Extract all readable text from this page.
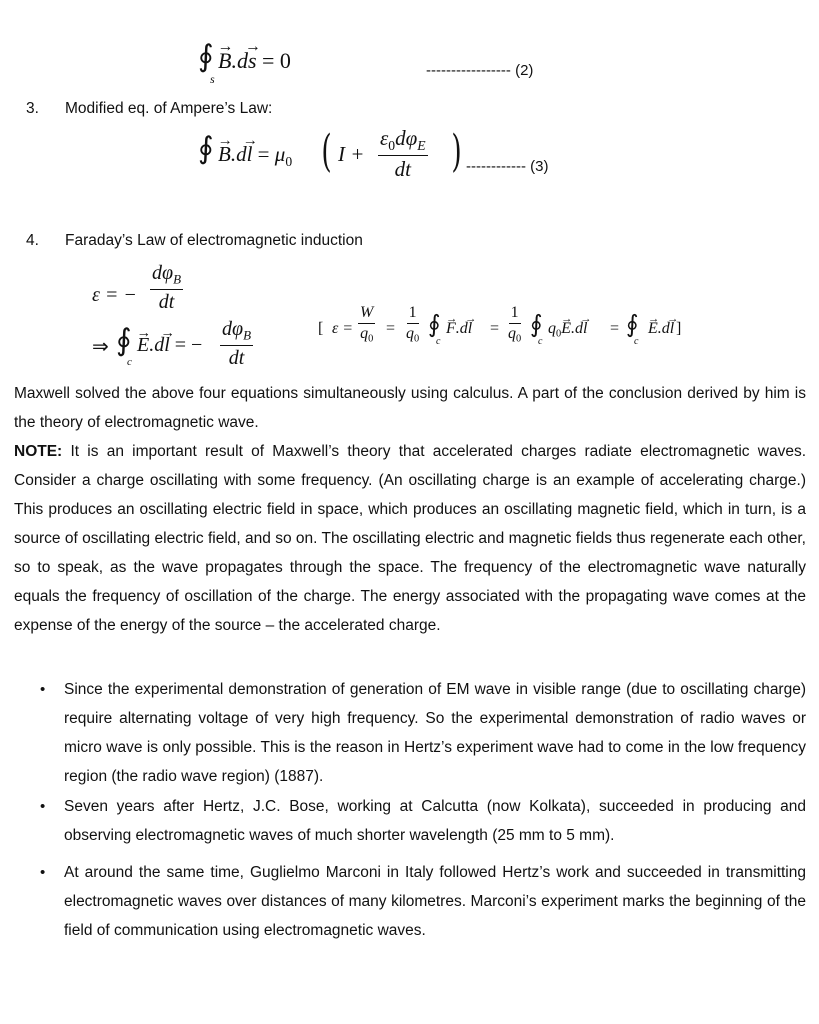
∮
s
→ B.d→ s = 0	----------------- (2)
3. Modified eq. of Ampere’s Law:
∮ → $B.d\to l = \mu_0$ ( I +
$\varepsilon_0d\varphi_E$
dt ) ------------ (3)
4. Faraday’s Law of electromagnetic induction
ε = −
$d\varphi_B$
dt
⇒ ∮
c
→ E.d→ l = −
$d\varphi_B$
dt
[ $\varepsilon = \frac{W}{q_0} = \frac{1}{q_0}$ ∮
c
→ $F.d\to l = \frac{1}{q_0}$ ∮
c
$q_0\to E.d\to l$ = ∮
c
→ E.d→ l ]

Maxwell solved the above four equations simultaneously using calculus. A part of the conclusion derived by him is the theory of electromagnetic wave.

NOTE: It is an important result of Maxwell’s theory that accelerated charges radiate electromagnetic waves. Consider a charge oscillating with some frequency. (An oscillating charge is an example of accelerating charge.) This produces an oscillating electric field in space, which produces an oscillating magnetic field, which in turn, is a source of oscillating electric field, and so on. The oscillating electric and magnetic fields thus regenerate each other, so to speak, as the wave propagates through the space. The frequency of the electromagnetic wave naturally equals the frequency of oscillation of the charge. The energy associated with the propagating wave comes at the expense of the energy of the source – the accelerated charge.

• Since the experimental demonstration of generation of EM wave in visible range (due to oscillating charge) require alternating voltage of very high frequency. So the experimental demonstration of radio waves or micro wave is only possible. This is the reason in Hertz’s experiment wave had to come in the low frequency region (the radio wave region) (1887).
• Seven years after Hertz, J.C. Bose, working at Calcutta (now Kolkata), succeeded in producing and observing electromagnetic waves of much shorter wavelength (25 mm to 5 mm).
• At around the same time, Guglielmo Marconi in Italy followed Hertz’s work and succeeded in transmitting electromagnetic waves over distances of many kilometres. Marconi’s experiment marks the beginning of the field of communication using electromagnetic waves.
